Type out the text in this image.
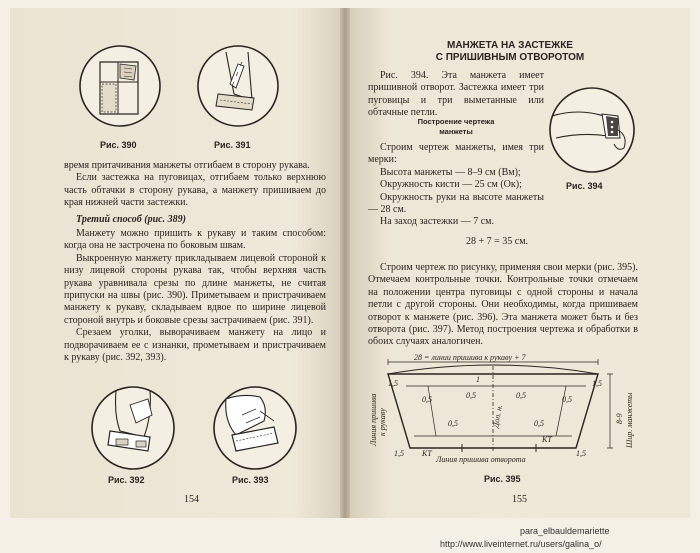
Рис. 390	Рис. 391

время притачивания манжеты отгибаем в сторону рукава.

Если застежка на пуговицах, отгибаем только верхнюю часть обтачки в сторону рукава, а манжету пришиваем до края нижней части застежки.

Третий способ (рис. 389)

Манжету можно пришить к рукаву и таким способом: когда она не застрочена по боковым швам.

Выкроенную манжету прикладываем лицевой стороной к низу лицевой стороны рукава так, чтобы верхняя часть рукава уравнивала срезы по длине манжеты, не считая припуски на швы (рис. 390). Приметываем и пристрачиваем манжету к рукаву, складываем вдвое по ширине лицевой стороной внутрь и боковые срезы застрачиваем (рис. 391).

Срезаем уголки, выворачиваем манжету на лицо и подворачиваем ее с изнанки, прометываем и пристрачиваем к рукаву (рис. 392, 393).

Рис. 392	Рис. 393
154
МАНЖЕТА НА ЗАСТЕЖКЕ
С ПРИШИВНЫМ ОТВОРОТОМ
Рис. 394. Эта манжета имеет пришивной отворот. Застежка имеет три пуговицы и три выметанные или обтачные петли.
Построение чертежа
манжеты

Строим чертеж манжеты, имея три мерки:

Высота манжеты — 8–9 см (Вм);

Окружность кисти — 25 см (Ок);

Окружность руки на высоте манжеты — 28 см.

На заход застежки — 7 см.

28 + 7 = 35 см.
Рис. 394
Строим чертеж по рисунку, применяя свои мерки (рис. 395). Отмечаем контрольные точки. Контрольные точки отмечаем на положении центра пуговицы с одной стороны и начала петли с другой стороны. Они необходимы, когда пришиваем отворот к манжете (рис. 396). Эта манжета может быть и без отворота (рис. 397). Метод построения чертежа и обработки в обоих случаях аналогичен.
28 = линии пришива к рукаву + 7
Линия пришива к рукаву
Линия пришива отворота
8-9 Шир. манжеты
Доп. н.
КТ
КТ
1,5	1,5
1,5	1,5
0,5
0,5
0,5	0,5
0,5
0,5
1
Рис. 395
155
para_elbauldemariette
http://www.liveinternet.ru/users/galina_o/
